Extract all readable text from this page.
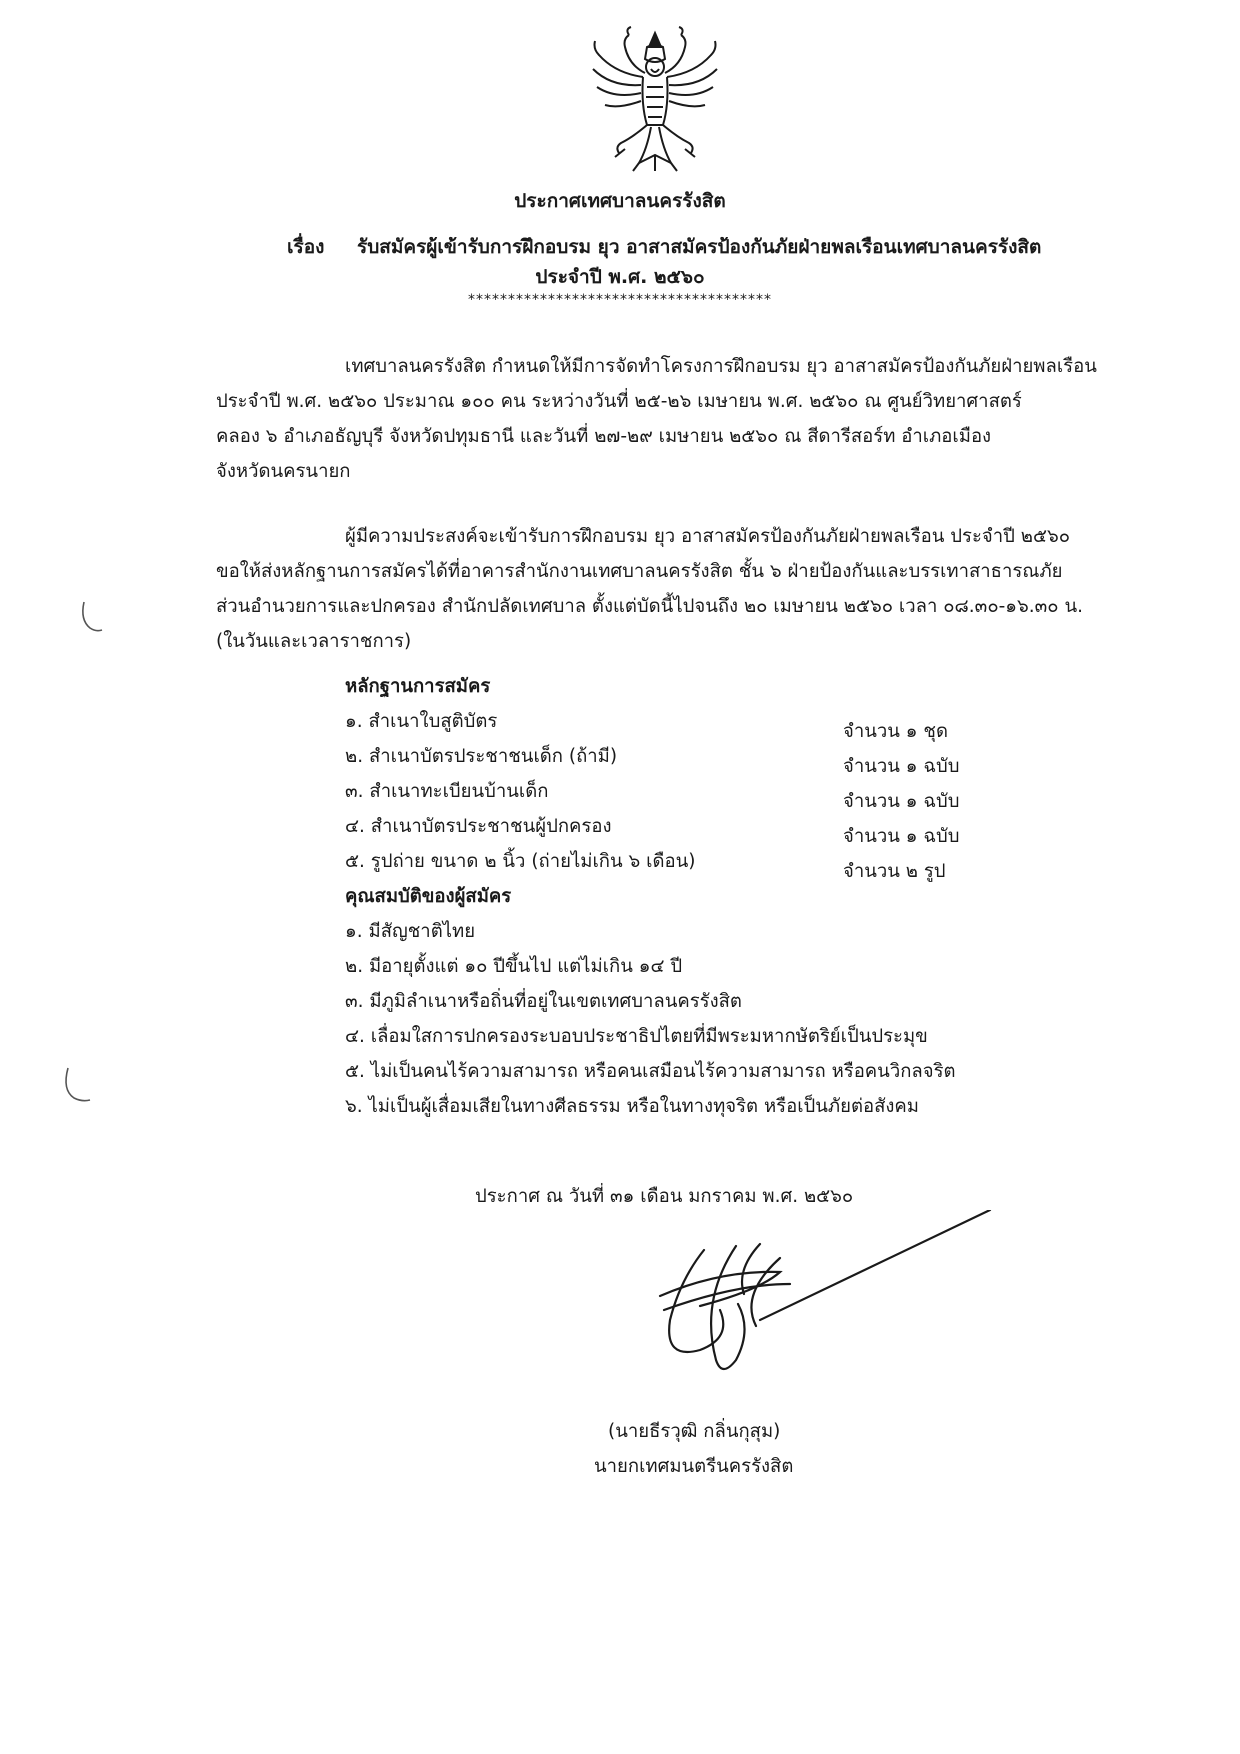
ประกาศเทศบาลนครรังสิต
เรื่อง รับสมัครผู้เข้ารับการฝึกอบรม ยุว อาสาสมัครป้องกันภัยฝ่ายพลเรือนเทศบาลนครรังสิต
ประจำปี พ.ศ. ๒๕๖๐
**************************************
เทศบาลนครรังสิต กำหนดให้มีการจัดทำโครงการฝึกอบรม ยุว อาสาสมัครป้องกันภัยฝ่ายพลเรือน
ประจำปี พ.ศ. ๒๕๖๐ ประมาณ ๑๐๐ คน ระหว่างวันที่ ๒๕-๒๖ เมษายน พ.ศ. ๒๕๖๐ ณ ศูนย์วิทยาศาสตร์
คลอง ๖ อำเภอธัญบุรี จังหวัดปทุมธานี และวันที่ ๒๗-๒๙ เมษายน ๒๕๖๐ ณ สีดารีสอร์ท อำเภอเมือง
จังหวัดนครนายก
ผู้มีความประสงค์จะเข้ารับการฝึกอบรม ยุว อาสาสมัครป้องกันภัยฝ่ายพลเรือน ประจำปี ๒๕๖๐
ขอให้ส่งหลักฐานการสมัครได้ที่อาคารสำนักงานเทศบาลนครรังสิต ชั้น ๖ ฝ่ายป้องกันและบรรเทาสาธารณภัย
ส่วนอำนวยการและปกครอง สำนักปลัดเทศบาล ตั้งแต่บัดนี้ไปจนถึง ๒๐ เมษายน ๒๕๖๐ เวลา ๐๘.๓๐-๑๖.๓๐ น.
(ในวันและเวลาราชการ)
หลักฐานการสมัคร
๑. สำเนาใบสูติบัตร	จำนวน ๑ ชุด
๒. สำเนาบัตรประชาชนเด็ก (ถ้ามี)	จำนวน ๑ ฉบับ
๓. สำเนาทะเบียนบ้านเด็ก	จำนวน ๑ ฉบับ
๔. สำเนาบัตรประชาชนผู้ปกครอง	จำนวน ๑ ฉบับ
๕. รูปถ่าย ขนาด ๒ นิ้ว (ถ่ายไม่เกิน ๖ เดือน)	จำนวน ๒ รูป
คุณสมบัติของผู้สมัคร
๑. มีสัญชาติไทย
๒. มีอายุตั้งแต่ ๑๐ ปีขึ้นไป แต่ไม่เกิน ๑๔ ปี
๓. มีภูมิลำเนาหรือถิ่นที่อยู่ในเขตเทศบาลนครรังสิต
๔. เลื่อมใสการปกครองระบอบประชาธิปไตยที่มีพระมหากษัตริย์เป็นประมุข
๕. ไม่เป็นคนไร้ความสามารถ หรือคนเสมือนไร้ความสามารถ หรือคนวิกลจริต
๖. ไม่เป็นผู้เสื่อมเสียในทางศีลธรรม หรือในทางทุจริต หรือเป็นภัยต่อสังคม
ประกาศ ณ วันที่ ๓๑ เดือน มกราคม พ.ศ. ๒๕๖๐
(นายธีรวุฒิ กลิ่นกุสุม)
นายกเทศมนตรีนครรังสิต
